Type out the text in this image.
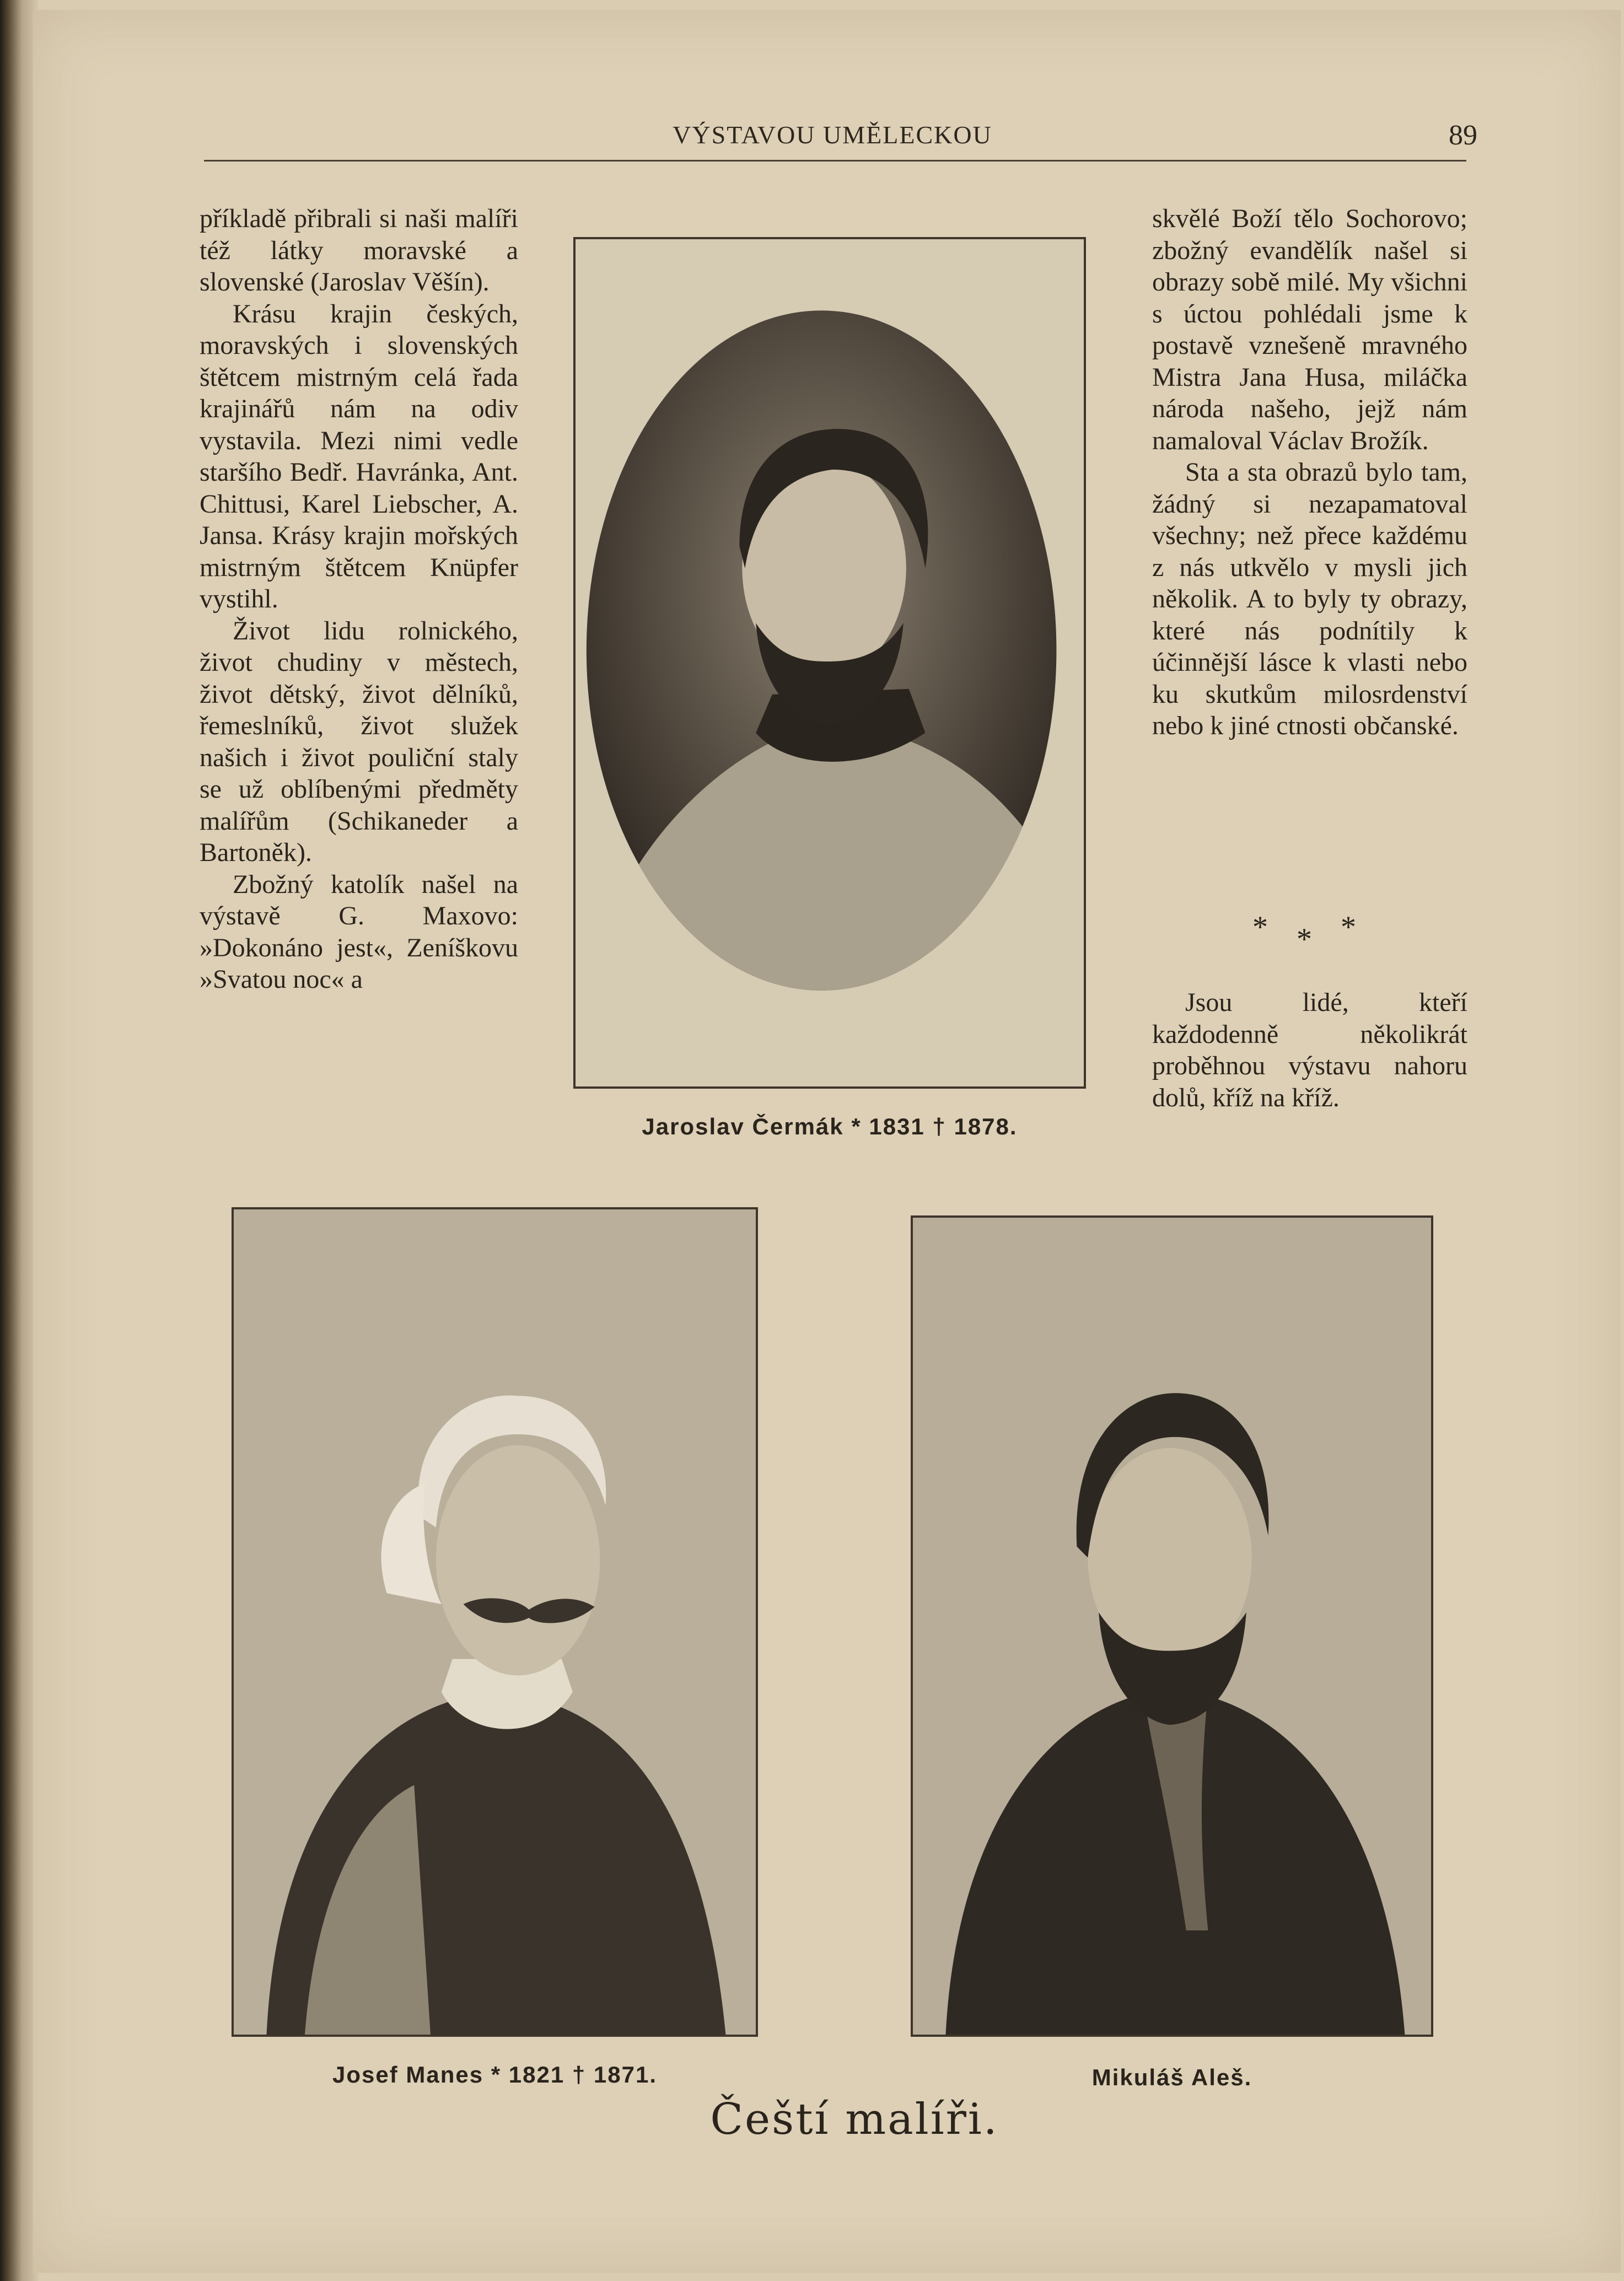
VÝSTAVOU UMĚLECKOU	89

příkladě přibrali si naši malíři též látky moravské a slovenské (Jaroslav Věšín).

Krásu krajin českých, moravských i slovenských štětcem mistrným celá řada krajinářů nám na odiv vystavila. Mezi nimi vedle staršího Bedř. Havránka, Ant. Chittusi, Karel Liebscher, A. Jansa. Krásy krajin mořských mistrným štětcem Knüpfer vystihl.

Život lidu rolnického, život chudiny v městech, život dětský, život dělníků, řemeslníků, život služek našich i život pouliční staly se už oblíbenými předměty malířům (Schikaneder a Bartoněk).

Zbožný katolík našel na výstavě G. Maxovo: »Dokonáno jest«, Zeníškovu »Svatou noc« a

skvělé Boží tělo Sochorovo; zbožný evandělík našel si obrazy sobě milé. My všichni s úctou pohlédali jsme k postavě vznešeně mravného Mistra Jana Husa, miláčka národa našeho, jejž nám namaloval Václav Brožík.

Sta a sta obrazů bylo tam, žádný si nezapamatoval všechny; než přece každému z nás utkvělo v mysli jich několik. A to byly ty obrazy, které nás podnítily k účinnější lásce k vlasti nebo ku skutkům milosrdenství nebo k jiné ctnosti občanské.

* * *

Jsou lidé, kteří každodenně několikrát proběhnou výstavu nahoru dolů, kříž na kříž.

Jaroslav Čermák * 1831 † 1878.
Josef Manes * 1821 † 1871.	Mikuláš Aleš.
Čeští malíři.
